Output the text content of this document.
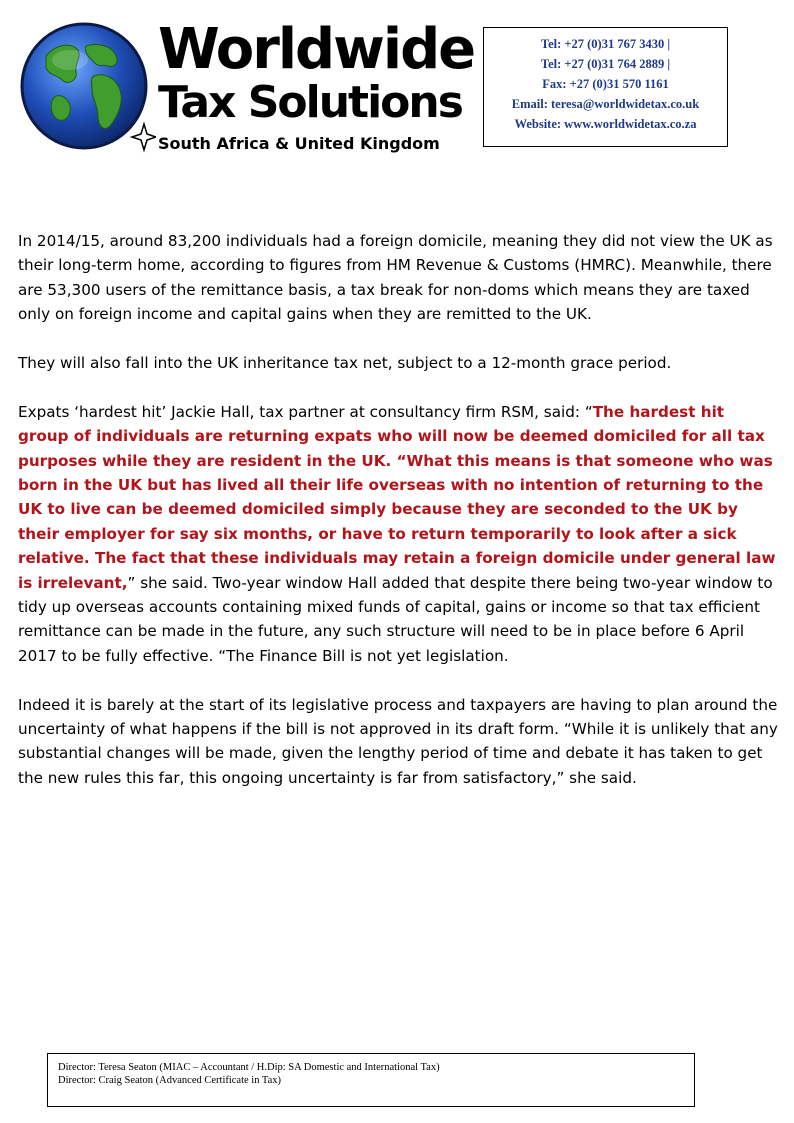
Worldwide
Tax Solutions
South Africa & United Kingdom
Tel: +27 (0)31 767 3430 |
Tel: +27 (0)31 764 2889 |
Fax: +27 (0)31 570 1161
Email: teresa@worldwidetax.co.uk
Website: www.worldwidetax.co.za

In 2014/15, around 83,200 individuals had a foreign domicile, meaning they did not view the UK as their long-term home, according to figures from HM Revenue & Customs (HMRC). Meanwhile, there are 53,300 users of the remittance basis, a tax break for non-doms which means they are taxed only on foreign income and capital gains when they are remitted to the UK.

They will also fall into the UK inheritance tax net, subject to a 12-month grace period.

Expats ‘hardest hit’ Jackie Hall, tax partner at consultancy firm RSM, said: “The hardest hit group of individuals are returning expats who will now be deemed domiciled for all tax purposes while they are resident in the UK. “What this means is that someone who was born in the UK but has lived all their life overseas with no intention of returning to the UK to live can be deemed domiciled simply because they are seconded to the UK by their employer for say six months, or have to return temporarily to look after a sick relative. The fact that these individuals may retain a foreign domicile under general law is irrelevant,” she said. Two-year window Hall added that despite there being two-year window to tidy up overseas accounts containing mixed funds of capital, gains or income so that tax efficient remittance can be made in the future, any such structure will need to be in place before 6 April 2017 to be fully effective. “The Finance Bill is not yet legislation.

Indeed it is barely at the start of its legislative process and taxpayers are having to plan around the uncertainty of what happens if the bill is not approved in its draft form. “While it is unlikely that any substantial changes will be made, given the lengthy period of time and debate it has taken to get the new rules this far, this ongoing uncertainty is far from satisfactory,” she said.

Director: Teresa Seaton (MIAC – Accountant / H.Dip: SA Domestic and International Tax)
Director: Craig Seaton (Advanced Certificate in Tax)
